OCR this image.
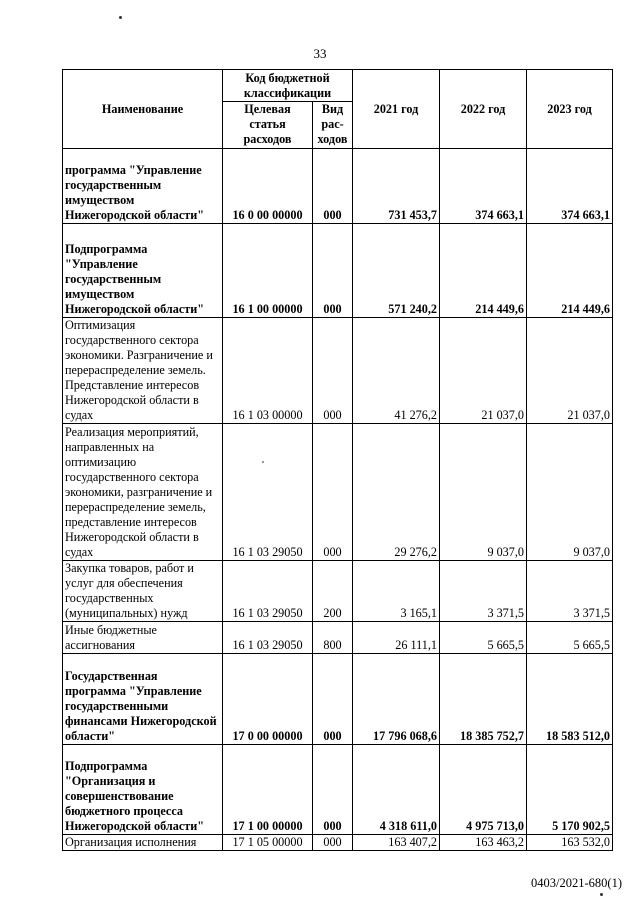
33
Наименование	Код бюджетной классификации		2021 год	2022 год	2023 год
	Целевая статья расходов	Вид рас-ходов			
программа "Управление государственным имуществом Нижегородской области"	16 0 00 00000	000	731 453,7	374 663,1	374 663,1
Подпрограмма "Управление государственным имуществом Нижегородской области"	16 1 00 00000	000	571 240,2	214 449,6	214 449,6
Оптимизация государственного сектора экономики. Разграничение и перераспределение земель. Представление интересов Нижегородской области в судах	16 1 03 00000	000	41 276,2	21 037,0	21 037,0
Реализация мероприятий, направленных на оптимизацию государственного сектора экономики, разграничение и перераспределение земель, представление интересов Нижегородской области в судах	16 1 03 29050	000	29 276,2	9 037,0	9 037,0
Закупка товаров, работ и услуг для обеспечения государственных (муниципальных) нужд	16 1 03 29050	200	3 165,1	3 371,5	3 371,5
Иные бюджетные ассигнования	16 1 03 29050	800	26 111,1	5 665,5	5 665,5
Государственная программа "Управление государственными финансами Нижегородской области"	17 0 00 00000	000	17 796 068,6	18 385 752,7	18 583 512,0
Подпрограмма "Организация и совершенствование бюджетного процесса Нижегородской области"	17 1 00 00000	000	4 318 611,0	4 975 713,0	5 170 902,5
Организация исполнения	17 1 05 00000	000	163 407,2	163 463,2	163 532,0
0403/2021-680(1)
